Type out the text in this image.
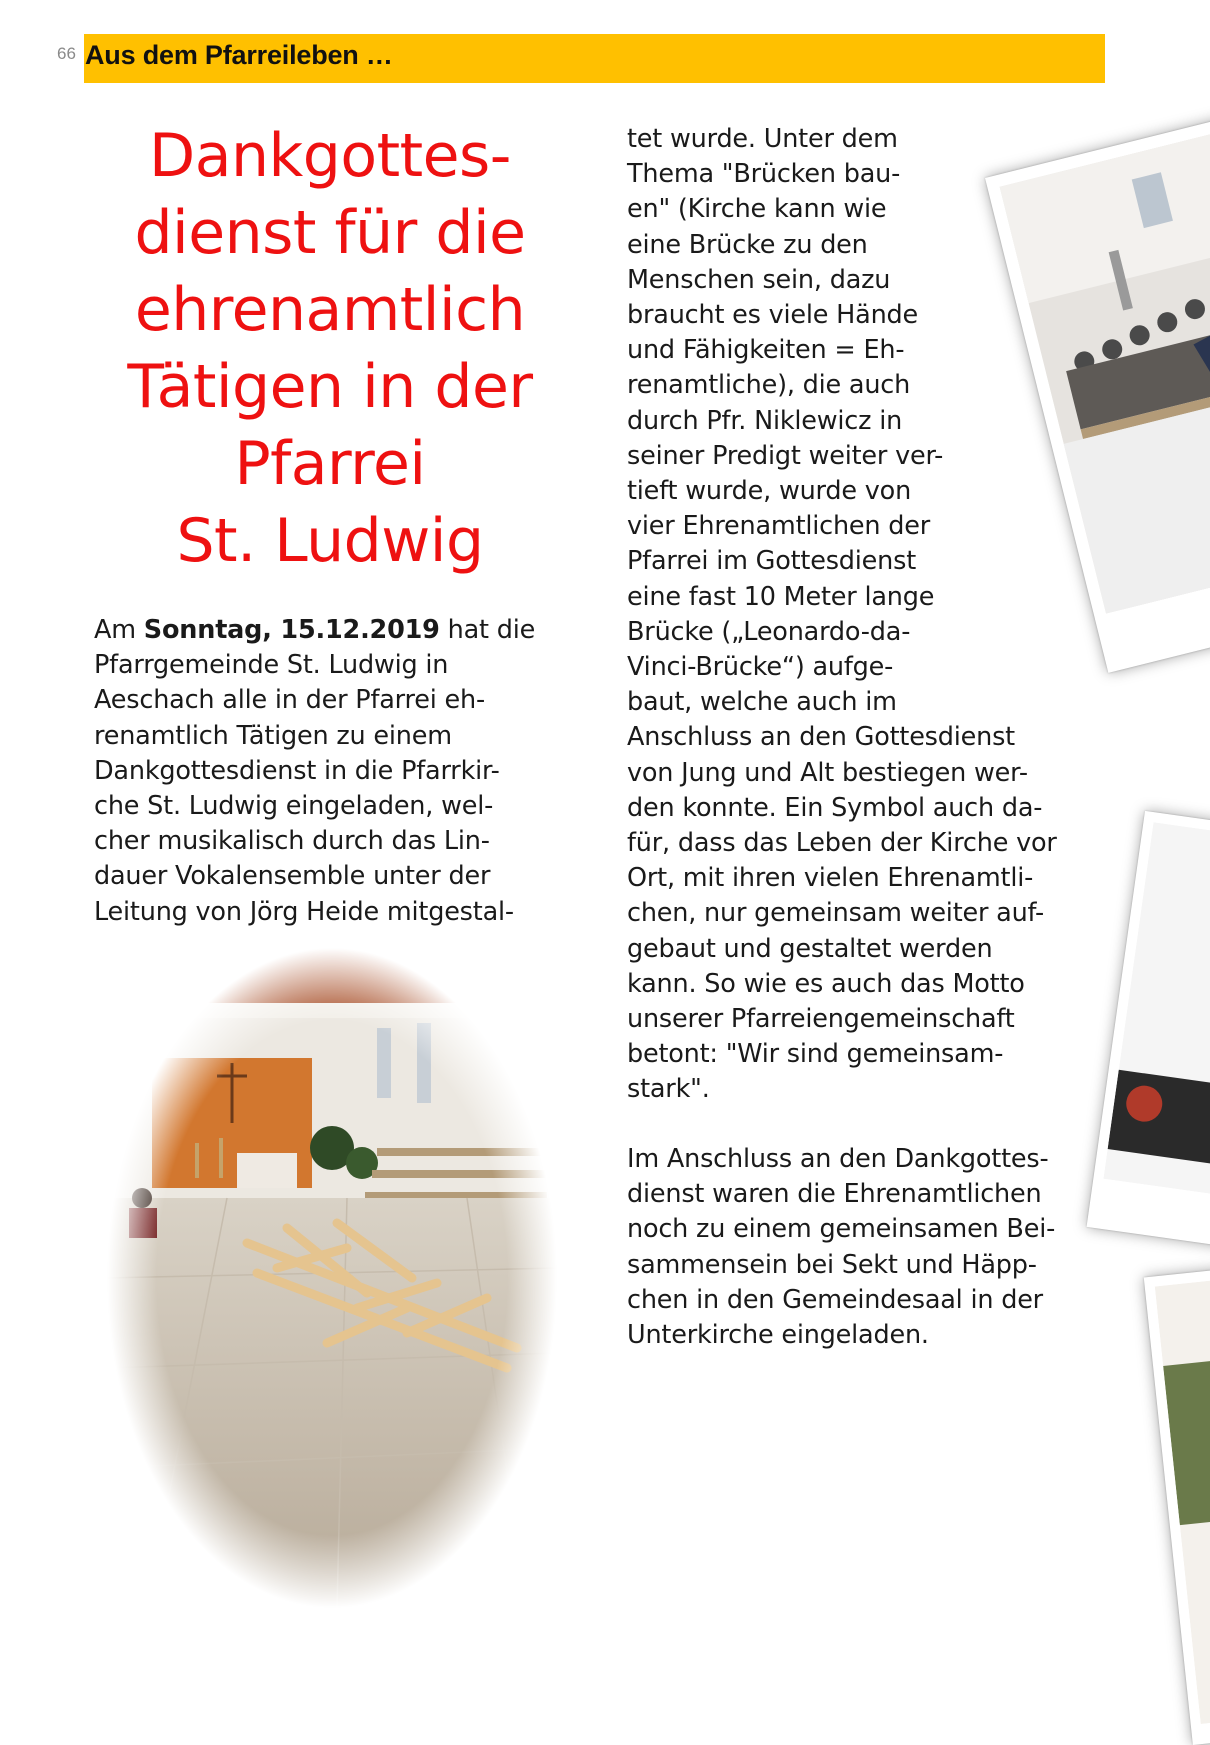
66 Aus dem Pfarreileben …
Dankgottes-
dienst für die
ehrenamtlich
Tätigen in der
Pfarrei
St. Ludwig
Am Sonntag, 15.12.2019 hat die
Pfarrgemeinde St. Ludwig in
Aeschach alle in der Pfarrei eh-
renamtlich Tätigen zu einem
Dankgottesdienst in die Pfarrkir-
che St. Ludwig eingeladen, wel-
cher musikalisch durch das Lin-
dauer Vokalensemble unter der
Leitung von Jörg Heide mitgestal-
tet wurde. Unter dem
Thema "Brücken bau-
en" (Kirche kann wie
eine Brücke zu den
Menschen sein, dazu
braucht es viele Hände
und Fähigkeiten = Eh-
renamtliche), die auch
durch Pfr. Niklewicz in
seiner Predigt weiter ver-
tieft wurde, wurde von
vier Ehrenamtlichen der
Pfarrei im Gottesdienst
eine fast 10 Meter lange
Brücke („Leonardo-da-
Vinci-Brücke“) aufge-
baut, welche auch im
Anschluss an den Gottesdienst
von Jung und Alt bestiegen wer-
den konnte. Ein Symbol auch da-
für, dass das Leben der Kirche vor
Ort, mit ihren vielen Ehrenamtli-
chen, nur gemeinsam weiter auf-
gebaut und gestaltet werden
kann. So wie es auch das Motto
unserer Pfarreiengemeinschaft
betont: "Wir sind gemeinsam-
stark".
Im Anschluss an den Dankgottes-
dienst waren die Ehrenamtlichen
noch zu einem gemeinsamen Bei-
sammensein bei Sekt und Häpp-
chen in den Gemeindesaal in der
Unterkirche eingeladen.
